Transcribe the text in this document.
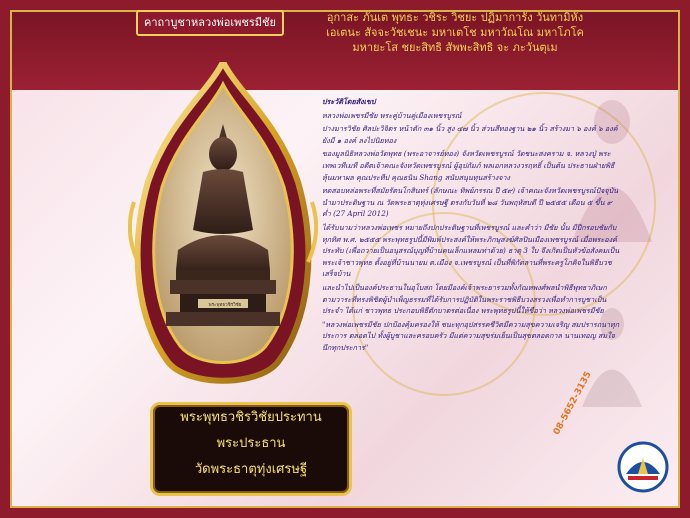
คาถาบูชาหลวงพ่อเพชรมีชัย	อุกาสะ ภันเต พุทธะ วชิระ วิชยะ ปฏิมาการัง วันทามิหัง
เอเตนะ สัจจะวัชเชนะ มหาเตโช มหาวัณโณ มหาโภโค
มหายะโส ชยะสิทธิ สัพพะสิทธิ จะ ภะวันตุเม
พระพุทธวชิรวิชัย
พระพุทธวชิรวิชัยประทาน
พระประธาน
วัดพระธาตุทุ่งเศรษฐี

ประวัติโดยสังเขป

หลวงพ่อเพชรมีชัย พระคู่บ้านคู่เมืองเพชรบูรณ์

ปางมารวิชัย ศิลปะวิจิตร หน้าตัก ๓๑ นิ้ว สูง ๔๗ นิ้ว ส่วนสีทองฐาน ๒๑ นิ้ว สร้างมา ๖ องค์ ๖ องค์ยังมี ๑ องค์ ลงไปนิยทอง

ของมูลนิธิหลวงพ่อวัดพุทธ (พระอาจารย์ทอง) จังหวัดเพชรบูรณ์ วัดชนะสงคราม จ. หลวงปู่ พระเทพเวทีเมที อดีตเจ้าคณะจังหวัดเพชรบูรณ์ ผู้อุปถัมภ์ พลเอกหลวงวรฤทธิ์ เป็นต้น ประธานฝ่ายพิธีหุ้นมหาผล คุณประทีป คุณธนิน Shang สนับสนุนทุนสร้างจาง

ทดสอบหล่อพระที่สมัยรัตนโกสินทร์ (ลักษณะ ทิพย์ภรรณ ปี ๕๙) เจ้าคณะจังหวัดเพชรบูรณ์ปัจจุบัน นำมาประดิษฐาน ณ วัดพระธาตุทุ่งเศรษฐี ตรงกับวันที่ ๒๘ วันพฤหัสบดี ปี ๒๕๕๕ เดือน ๕ ขึ้น ๙ ค่ำ (27 April 2012)

ได้รับนามว่าหลวงพ่อเพชร หมายถึงปกประดิษฐานที่เพชรบูรณ์ และคำว่า มีชัย นั้น มีปีกรอบชัยกับทุกทิศ พ.ศ. ๒๕๕๕ พระพุทธรูปนี้มีพิมพ์ประสงค์ให้พระภิกษุสงฆ์ศิลปินเมืองเพชรบูรณ์ เมื่อพระองค์ประทับ (เพื่อถวายเป็นอนุสรณ์บุญที่บ้านคนเล็กแหลมท่าด้วย) ธาตุ 3 ใบ จึงเกิดเป็นหัวข้อสังคมเป็นพระเจ้าชาวพุทธ ตั้งอยู่ที่บ้านนายม ต.เมือง จ.เพชรบูรณ์ เป็นที่พิกัดลานที่พระครูโภคิจในพิธีบวชเสร็จบ้าน

และนำไปเป็นองค์ประธานในอุโบสถ โดยมีองค์เจ้าพระยารวมทั้งกัณหพงศ์พลนำพิธีพุทธาภิเษก ตามวาระที่ทรงพิชิตผู้บำเพ็ญธรรมที่ได้รับการปฏิบัติในพระราชพิธีบวงสรวงเพื่อทำการบูชาเป็นประจำ ได้แก่ ชาวพุทธ ประกอบพิธีตักบาตรต่อเนื่อง พระพุทธรูปนี้ให้ชื่อว่า หลวงพ่อเพชรมีชัย

"หลวงพ่อเพชรมีชัย ปกป้องคุ้มครองให้ ชนะทุกอุปสรรคชีวิตมีความสุขความเจริญ สมปรารถนาทุกประการ ตลอดไป ทั้งผู้บูชาและครอบครัว มีแต่ความสุขร่มเย็นเป็นสุขตลอดกาล นานเทอญ สมใจนึกทุกประการ"

08-5652-3135
